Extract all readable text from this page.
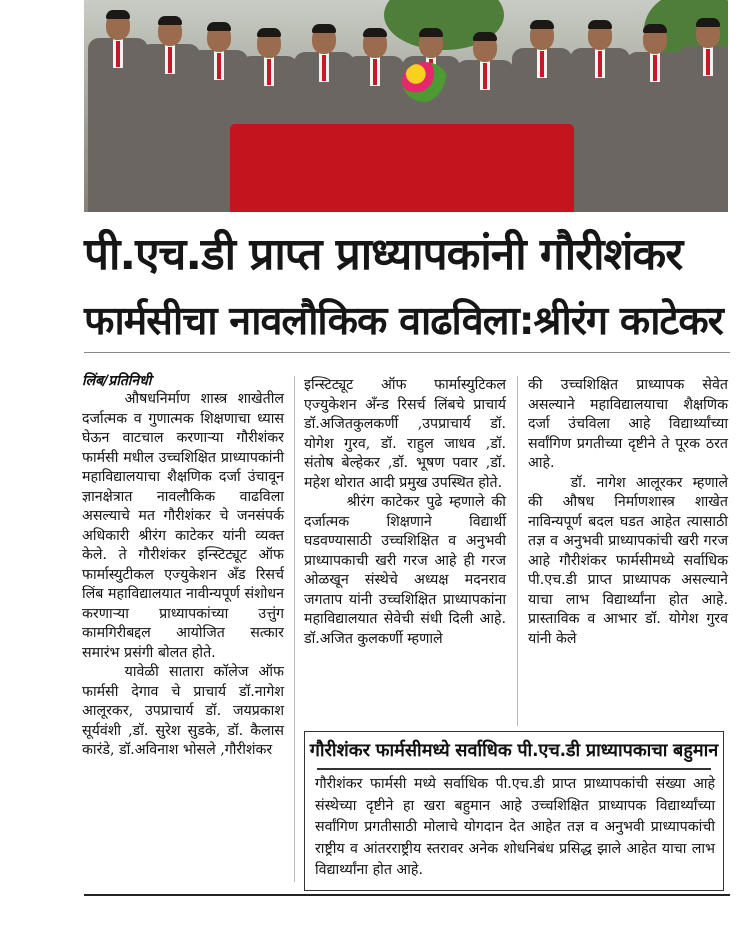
पी.एच.डी प्राप्त प्राध्यापकांनी गौरीशंकर
फार्मसीचा नावलौकिक वाढविला:श्रीरंग काटेकर
लिंब/प्रतिनिधी

औषधनिर्माण शास्त्र शाखेतील दर्जात्मक व गुणात्मक शिक्षणाचा ध्यास घेऊन वाटचाल करणाऱ्या गौरीशंकर फार्मसी मधील उच्चशिक्षित प्राध्यापकांनी महाविद्यालयाचा शैक्षणिक दर्जा उंचावून ज्ञानक्षेत्रात नावलौकिक वाढविला असल्याचे मत गौरीशंकर चे जनसंपर्क अधिकारी श्रीरंग काटेकर यांनी व्यक्त केले. ते गौरीशंकर इन्स्टिट्यूट ऑफ फार्मास्युटीकल एज्युकेशन अँड रिसर्च लिंब महाविद्यालयात नावीन्यपूर्ण संशोधन करणाऱ्या प्राध्यापकांच्या उत्तुंग कामगिरीबद्दल आयोजित सत्कार समारंभ प्रसंगी बोलत होते.

यावेळी सातारा कॉलेज ऑफ फार्मसी देगाव चे प्राचार्य डॉ.नागेश आलूरकर, उपप्राचार्य डॉ. जयप्रकाश सूर्यवंशी ,डॉ. सुरेश सुडके, डॉ. कैलास कारंडे, डॉ.अविनाश भोसले ,गौरीशंकर

इन्स्टिट्यूट ऑफ फार्मास्युटिकल एज्युकेशन अँन्ड रिसर्च लिंबचे प्राचार्य डॉ.अजितकुलकर्णी ,उपप्राचार्य डॉ. योगेश गुरव, डॉ. राहुल जाधव ,डॉ. संतोष बेल्हेकर ,डॉ. भूषण पवार ,डॉ. महेश थोरात आदी प्रमुख उपस्थित होते.

श्रीरंग काटेकर पुढे म्हणाले की दर्जात्मक शिक्षणाने विद्यार्थी घडवण्यासाठी उच्चशिक्षित व अनुभवी प्राध्यापकाची खरी गरज आहे ही गरज ओळखून संस्थेचे अध्यक्ष मदनराव जगताप यांनी उच्चशिक्षित प्राध्यापकांना महाविद्यालयात सेवेची संधी दिली आहे. डॉ.अजित कुलकर्णी म्हणाले

की उच्चशिक्षित प्राध्यापक सेवेत असल्याने महाविद्यालयाचा शैक्षणिक दर्जा उंचविला आहे विद्यार्थ्यांच्या सर्वांगिण प्रगतीच्या दृष्टीने ते पूरक ठरत आहे.

डॉ. नागेश आलूरकर म्हणाले की औषध निर्माणशास्त्र शाखेत नाविन्यपूर्ण बदल घडत आहेत त्यासाठी तज्ञ व अनुभवी प्राध्यापकांची खरी गरज आहे गौरीशंकर फार्मसीमध्ये सर्वाधिक पी.एच.डी प्राप्त प्राध्यापक असल्याने याचा लाभ विद्यार्थ्यांना होत आहे. प्रास्ताविक व आभार डॉ. योगेश गुरव यांनी केले

गौरीशंकर फार्मसीमध्ये सर्वाधिक पी.एच.डी प्राध्यापकाचा बहुमान
गौरीशंकर फार्मसी मध्ये सर्वाधिक पी.एच.डी प्राप्त प्राध्यापकांची संख्या आहे संस्थेच्या दृष्टीने हा खरा बहुमान आहे उच्चशिक्षित प्राध्यापक विद्यार्थ्यांच्या सर्वांगिण प्रगतीसाठी मोलाचे योगदान देत आहेत तज्ञ व अनुभवी प्राध्यापकांची राष्ट्रीय व आंतरराष्ट्रीय स्तरावर अनेक शोधनिबंध प्रसिद्ध झाले आहेत याचा लाभ विद्यार्थ्यांना होत आहे.
